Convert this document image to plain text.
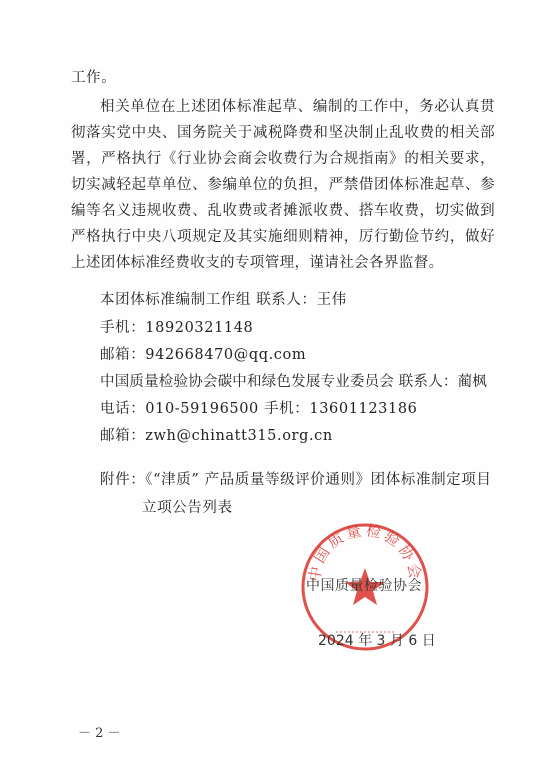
工作。
相关单位在上述团体标准起草、编制的工作中，务必认真贯彻落实党中央、国务院关于减税降费和坚决制止乱收费的相关部署，严格执行《行业协会商会收费行为合规指南》的相关要求，切实减轻起草单位、参编单位的负担，严禁借团体标准起草、参编等名义违规收费、乱收费或者摊派收费、搭车收费，切实做到严格执行中央八项规定及其实施细则精神，厉行勤俭节约，做好上述团体标准经费收支的专项管理，谨请社会各界监督。
本团体标准编制工作组 联系人：王伟
手机：18920321148
邮箱：942668470@qq.com
中国质量检验协会碳中和绿色发展专业委员会 联系人：蔺枫
电话：010-59196500 手机：13601123186
邮箱：zwh@chinatt315.org.cn
附件：《“津质” 产品质量等级评价通则》团体标准制定项目
立项公告列表
中国质量检验协会
中国质量检验协会
2024 年 3 月 6 日
－ 2 －
